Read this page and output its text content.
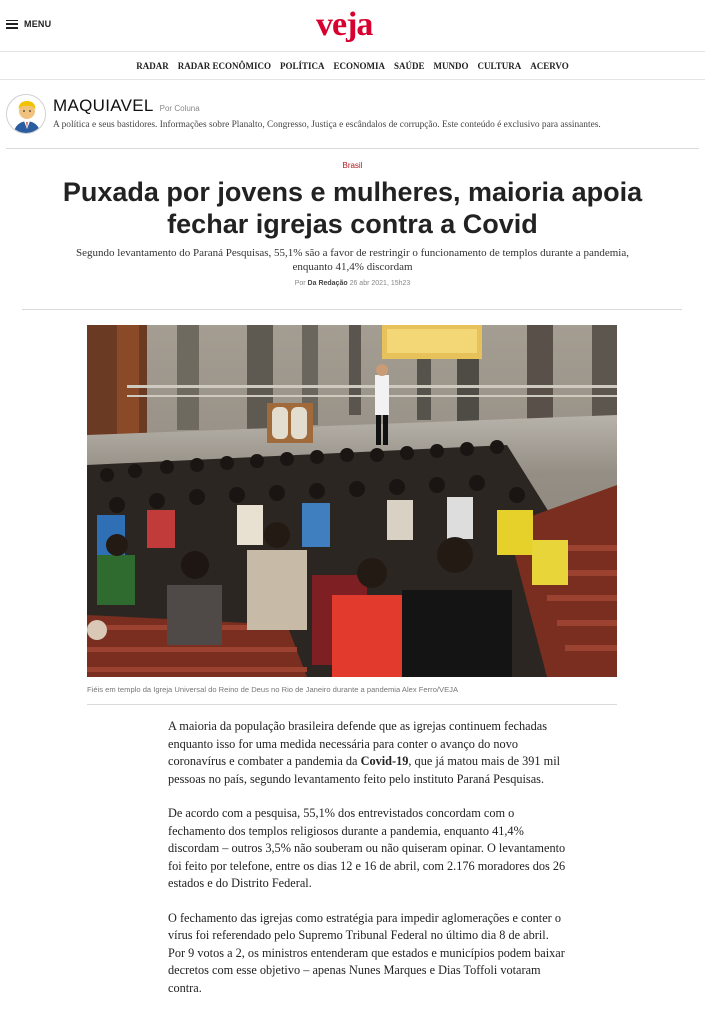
MENU	veja
RADAR RADAR ECONÔMICO POLÍTICA ECONOMIA SAÚDE MUNDO CULTURA ACERVO
MAQUIAVEL Por Coluna
A política e seus bastidores. Informações sobre Planalto, Congresso, Justiça e escândalos de corrupção. Este conteúdo é exclusivo para assinantes.
Brasil
Puxada por jovens e mulheres, maioria apoia fechar igrejas contra a Covid
Segundo levantamento do Paraná Pesquisas, 55,1% são a favor de restringir o funcionamento de templos durante a pandemia, enquanto 41,4% discordam
Por Da Redação 26 abr 2021, 15h23
Fiéis em templo da Igreja Universal do Reino de Deus no Rio de Janeiro durante a pandemia Alex Ferro/VEJA

A maioria da população brasileira defende que as igrejas continuem fechadas enquanto isso for uma medida necessária para conter o avanço do novo coronavírus e combater a pandemia da Covid-19, que já matou mais de 391 mil pessoas no país, segundo levantamento feito pelo instituto Paraná Pesquisas.

De acordo com a pesquisa, 55,1% dos entrevistados concordam com o fechamento dos templos religiosos durante a pandemia, enquanto 41,4% discordam – outros 3,5% não souberam ou não quiseram opinar. O levantamento foi feito por telefone, entre os dias 12 e 16 de abril, com 2.176 moradores dos 26 estados e do Distrito Federal.

O fechamento das igrejas como estratégia para impedir aglomerações e conter o vírus foi referendado pelo Supremo Tribunal Federal no último dia 8 de abril. Por 9 votos a 2, os ministros entenderam que estados e municípios podem baixar decretos com esse objetivo – apenas Nunes Marques e Dias Toffoli votaram contra.
